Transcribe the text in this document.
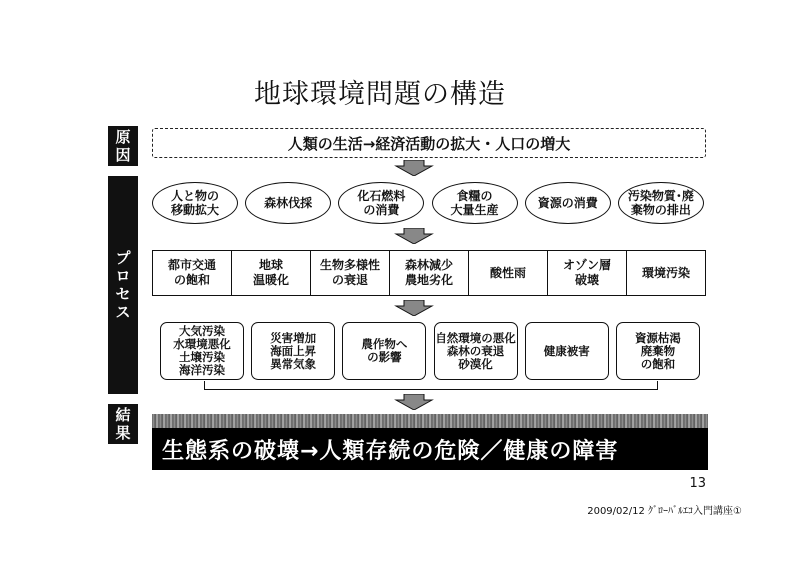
地球環境問題の構造
原
因
プ
ロ
セ
ス
結
果
人類の生活→経済活動の拡大・人口の増大
人と物の
移動拡大	森林伐採	化石燃料
の消費
食糧の
大量生産	資源の消費	汚染物質･廃
棄物の排出
都市交通
の飽和
地球
温暖化
生物多様性
の衰退
森林減少
農地劣化
酸性雨
オゾン層
破壊
環境汚染
大気汚染
水環境悪化
土壌汚染
海洋汚染
災害増加
海面上昇
異常気象
農作物へ
の影響
自然環境の悪化
森林の衰退
砂漠化
健康被害
資源枯渇
廃棄物
の飽和
生態系の破壊→人類存続の危険／健康の障害
13
2009/02/12 ｸﾞﾛｰﾊﾞﾙｴｺ入門講座①
